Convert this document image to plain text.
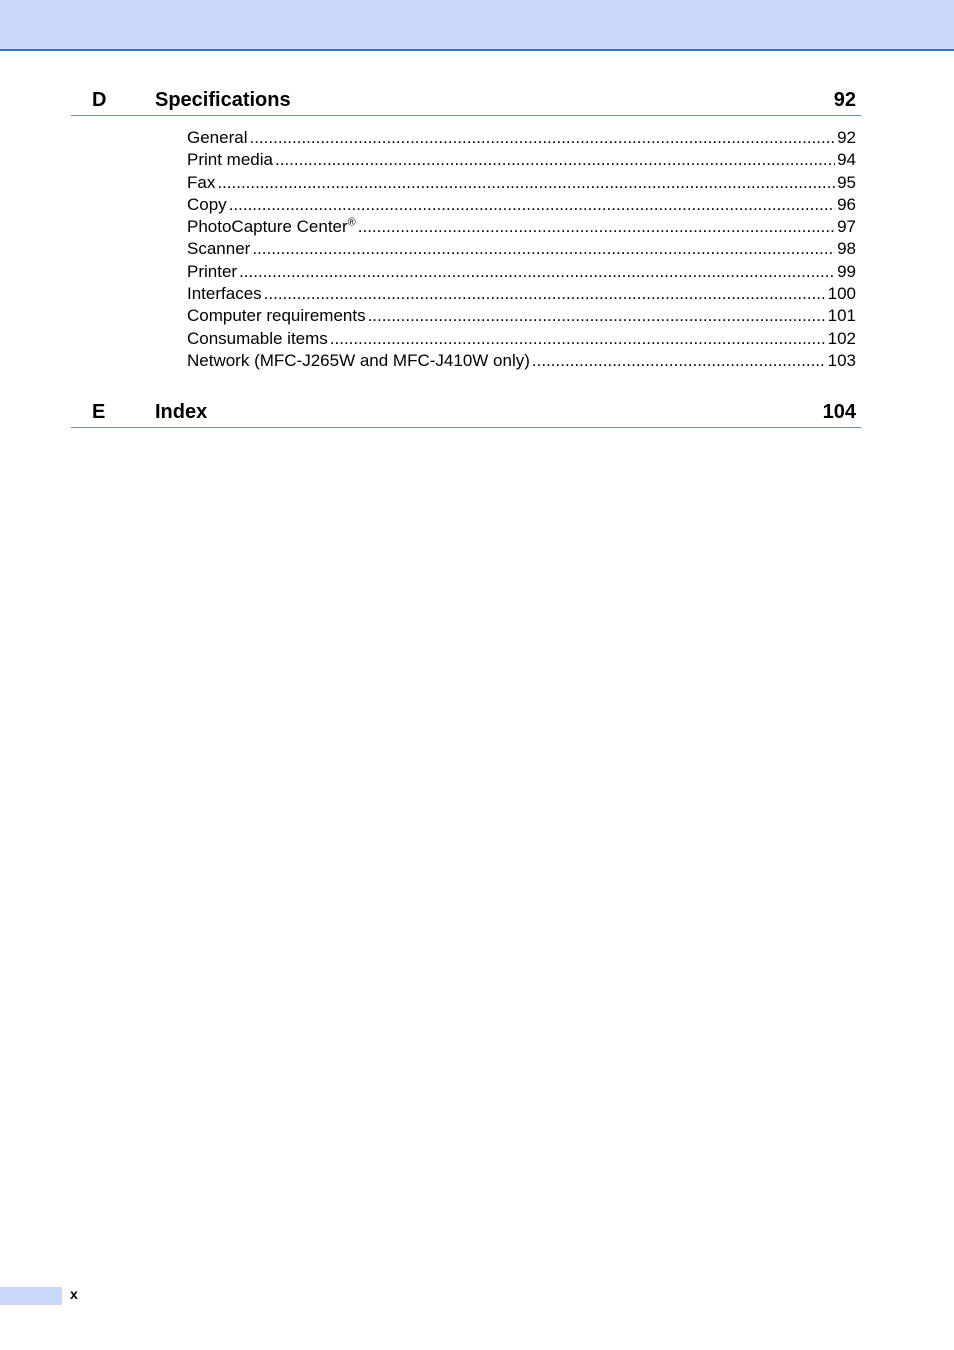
D Specifications	92
General .....	92
Print media .....	94
Fax .....	95
Copy .....	96
PhotoCapture Center® .....	97
Scanner .....	98
Printer .....	99
Interfaces .....	100
Computer requirements .....	101
Consumable items .....	102
Network (MFC-J265W and MFC-J410W only) .....	103
E Index	104
x
